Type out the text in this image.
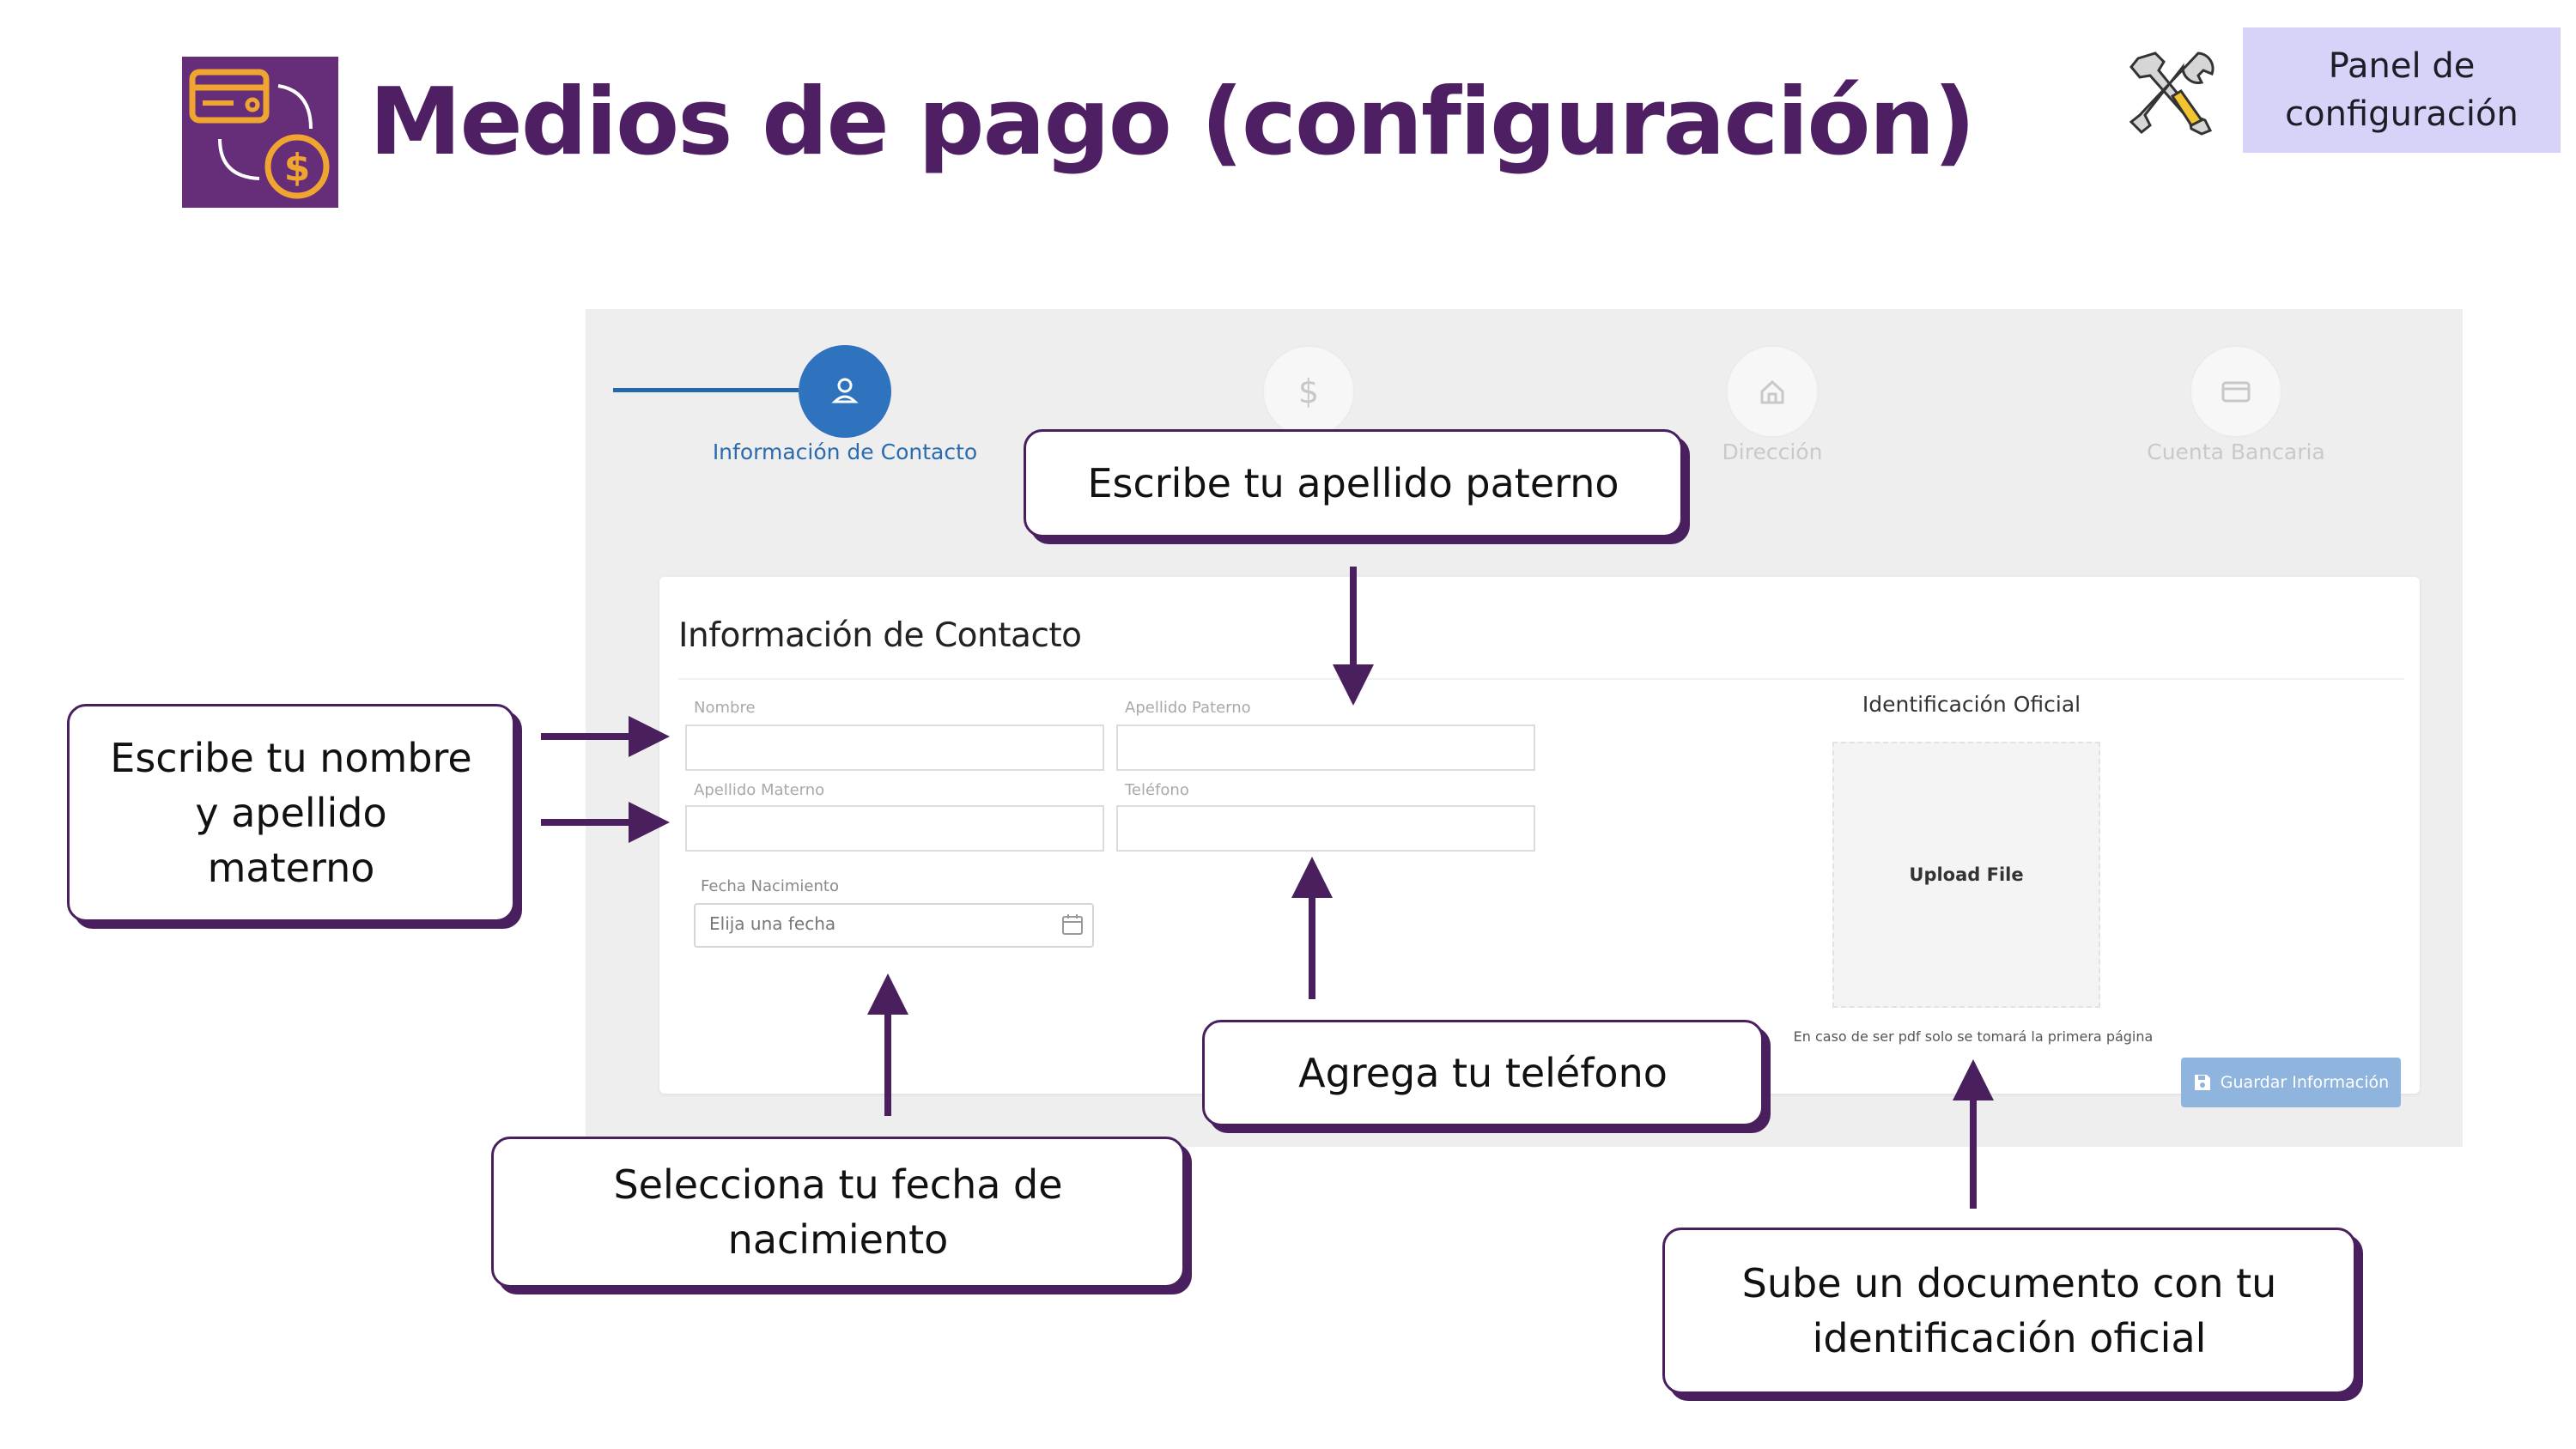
$ Medios de pago (configuración)
Panel de configuración
Información de Contacto
$
Dirección	Cuenta Bancaria
Información de Contacto
Nombre	Apellido Paterno
Apellido Materno	Teléfono
Fecha Nacimiento
Elija una fecha
Identificación Oficial
Upload File
En caso de ser pdf solo se tomará la primera página
Guardar Información
Escribe tu apellido paterno
Escribe tu nombre
y apellido
materno
Agrega tu teléfono
Selecciona tu fecha de
nacimiento
Sube un documento con tu
identificación oficial
